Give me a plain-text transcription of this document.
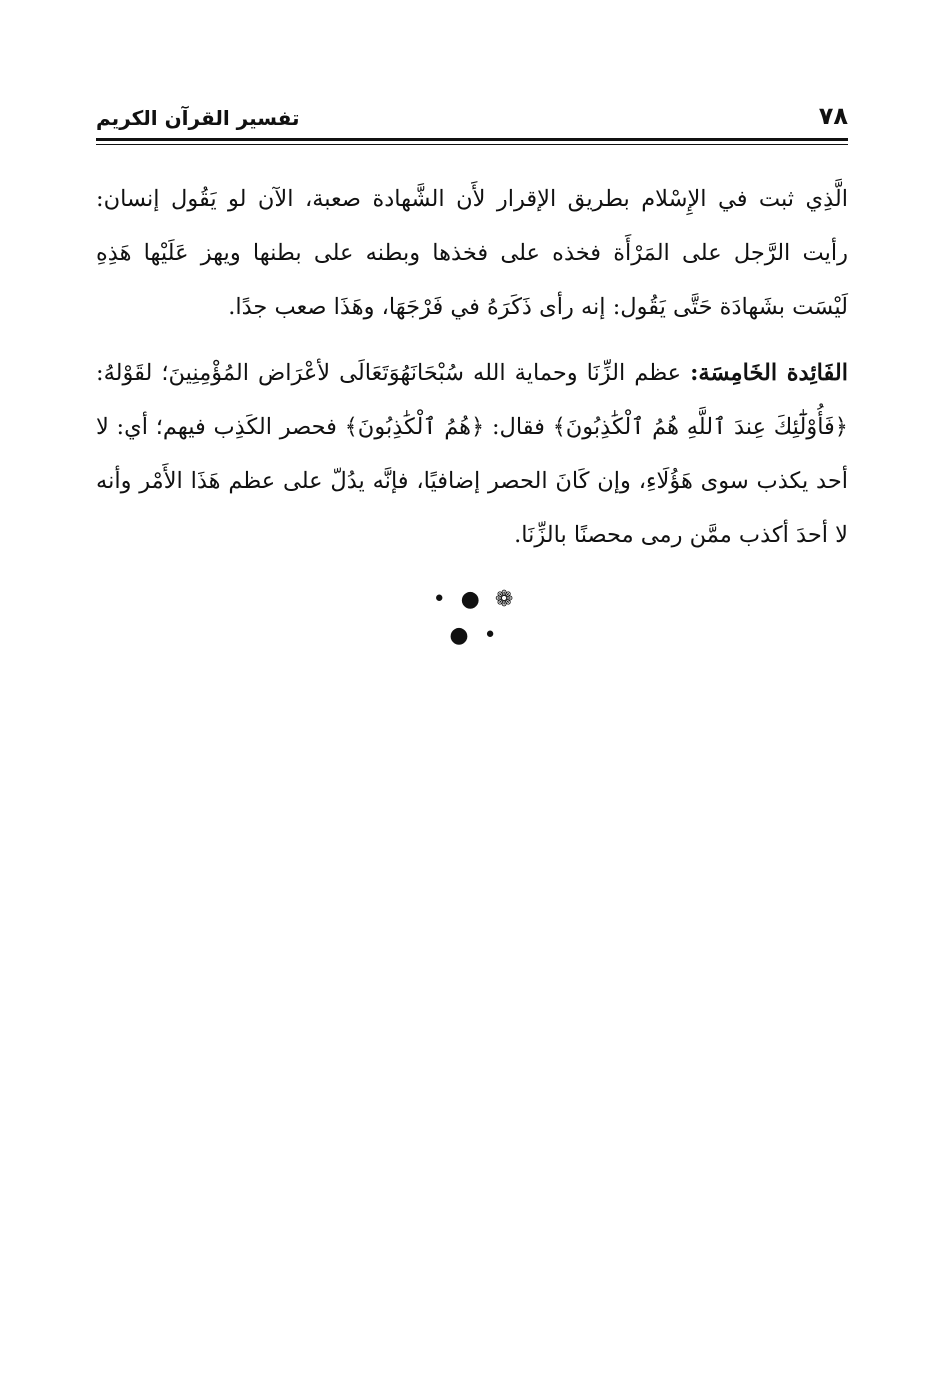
٧٨
تفسير القرآن الكريم

الَّذِي ثبت في الإِسْلام بطريق الإقرار لأَن الشَّهادة صعبة، الآن لو يَقُول إنسان: رأيت الرَّجل على المَرْأَة فخذه على فخذها وبطنه على بطنها ويهز عَلَيْها هَذِهِ لَيْسَت بشَهادَة حَتَّى يَقُول: إنه رأى ذَكَرَهُ في فَرْجَهَا، وهَذَا صعب جدًا.

الفَائِدة الخَامِسَة: عظم الزِّنَا وحماية الله سُبْحَانَهُوَتَعَالَى لأعْرَاض المُؤْمِنِينَ؛ لقَوْلهُ: ﴿فَأُوْلَٰٓئِكَ عِندَ ٱللَّهِ هُمُ ٱلْكَٰذِبُونَ﴾ فقال: ﴿هُمُ ٱلْكَٰذِبُونَ﴾ فحصر الكَذِب فيهم؛ أي: لا أحد يكذب سوى هَؤُلَاءِ، وإن كَانَ الحصر إضافيًا، فإنَّه يدُلّ على عظم هَذَا الأَمْر وأنه لا أحدَ أكذب ممَّن رمى محصنًا بالزِّنَا.

• ● ❁ ● •
